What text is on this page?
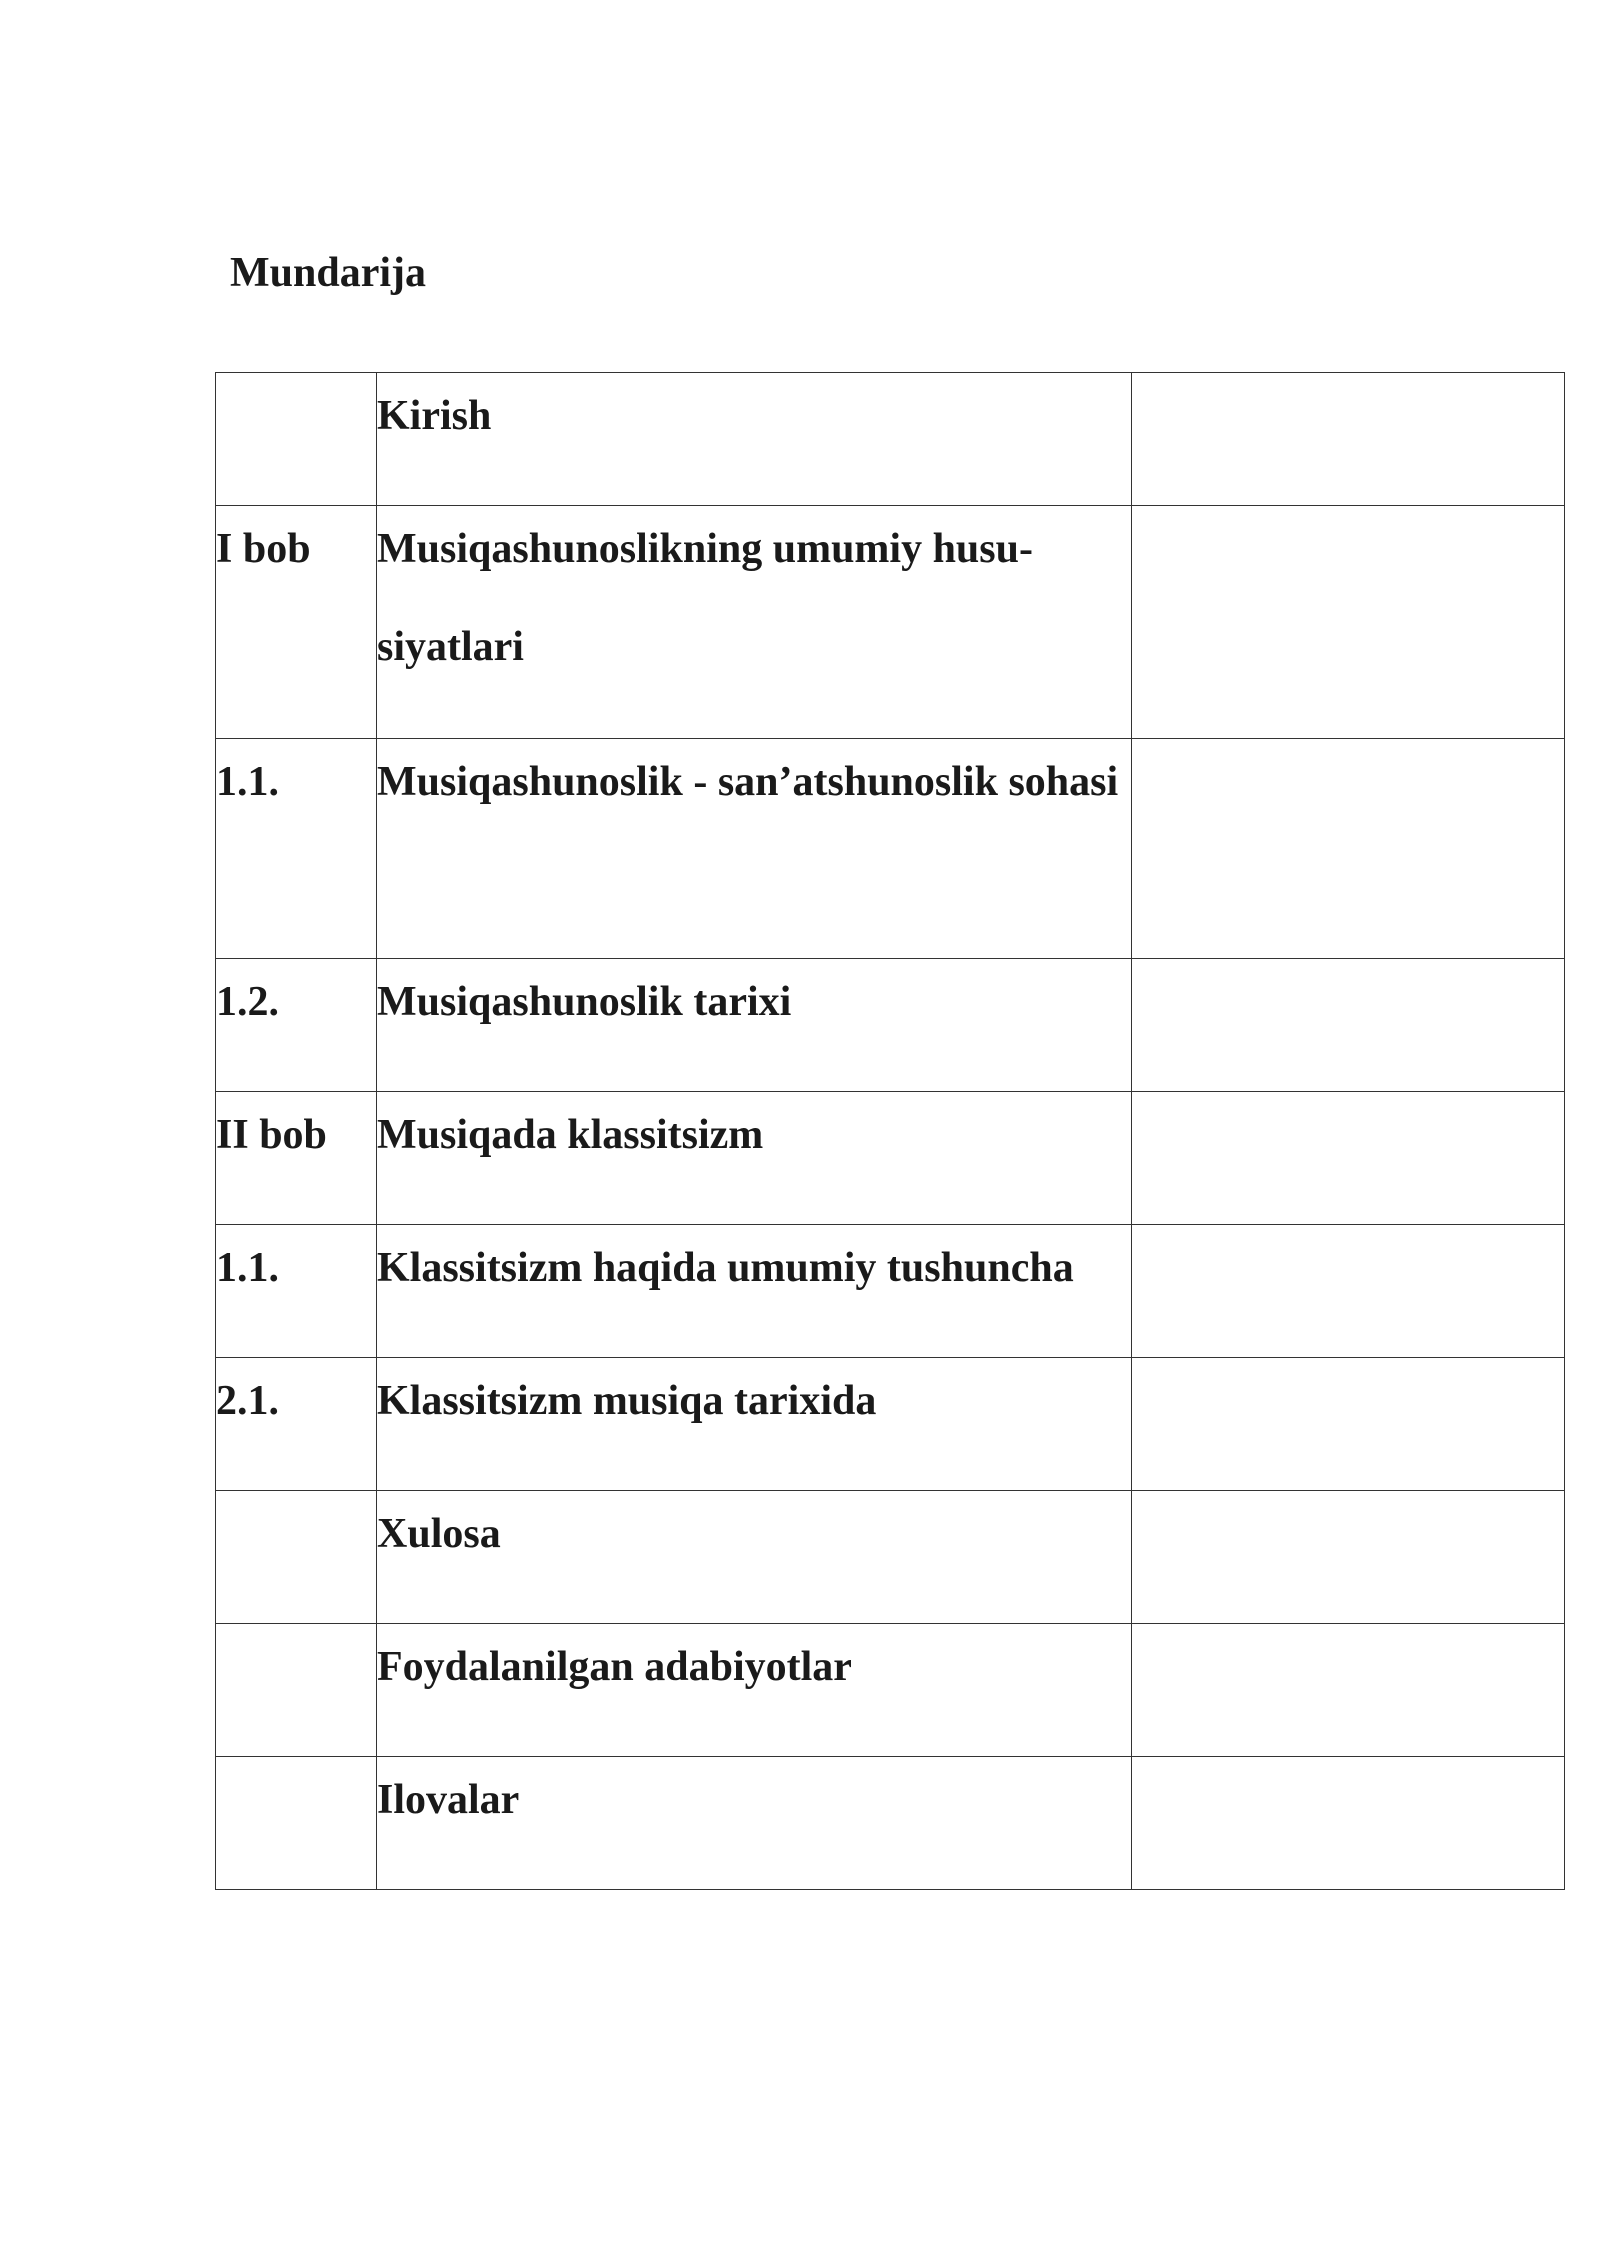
Mundarija

	Kirish	

I bob	Musiqashunoslikning umumiy hususiyatlari	

1.1.	Musiqashunoslik - san’atshunoslik sohasi	

1.2.	Musiqashunoslik tarixi	

II bob	Musiqada klassitsizm	

1.1.	Klassitsizm haqida umumiy tushuncha	

2.1.	Klassitsizm musiqa tarixida	

	Xulosa	

	Foydalanilgan adabiyotlar	

	Ilovalar	
